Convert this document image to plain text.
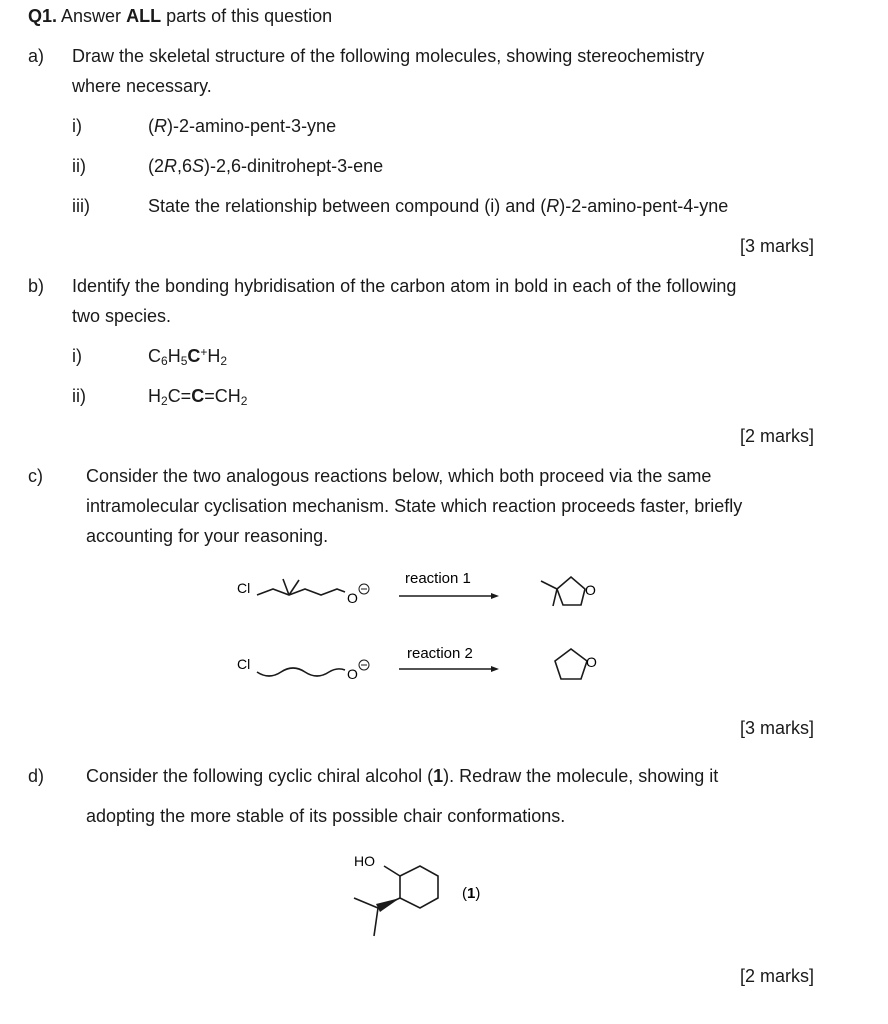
Q1. Answer ALL parts of this question
a) Draw the skeletal structure of the following molecules, showing stereochemistry
where necessary.
i)	(R)-2-amino-pent-3-yne
ii)	(2R,6S)-2,6-dinitrohept-3-ene
iii)	State the relationship between compound (i) and (R)-2-amino-pent-4-yne
[3 marks]
b) Identify the bonding hybridisation of the carbon atom in bold in each of the following
two species.
i)	$C_6H_5C^+H_2$
ii)	$H_2C=C=CH_2$
[2 marks]
c) Consider the two analogous reactions below, which both proceed via the same
intramolecular cyclisation mechanism. State which reaction proceeds faster, briefly
accounting for your reasoning.
Cl
O
reaction 1
O
Cl
O
reaction 2	O
[3 marks]
d) Consider the following cyclic chiral alcohol (1). Redraw the molecule, showing it
adopting the more stable of its possible chair conformations.
HO
(1)
[2 marks]
